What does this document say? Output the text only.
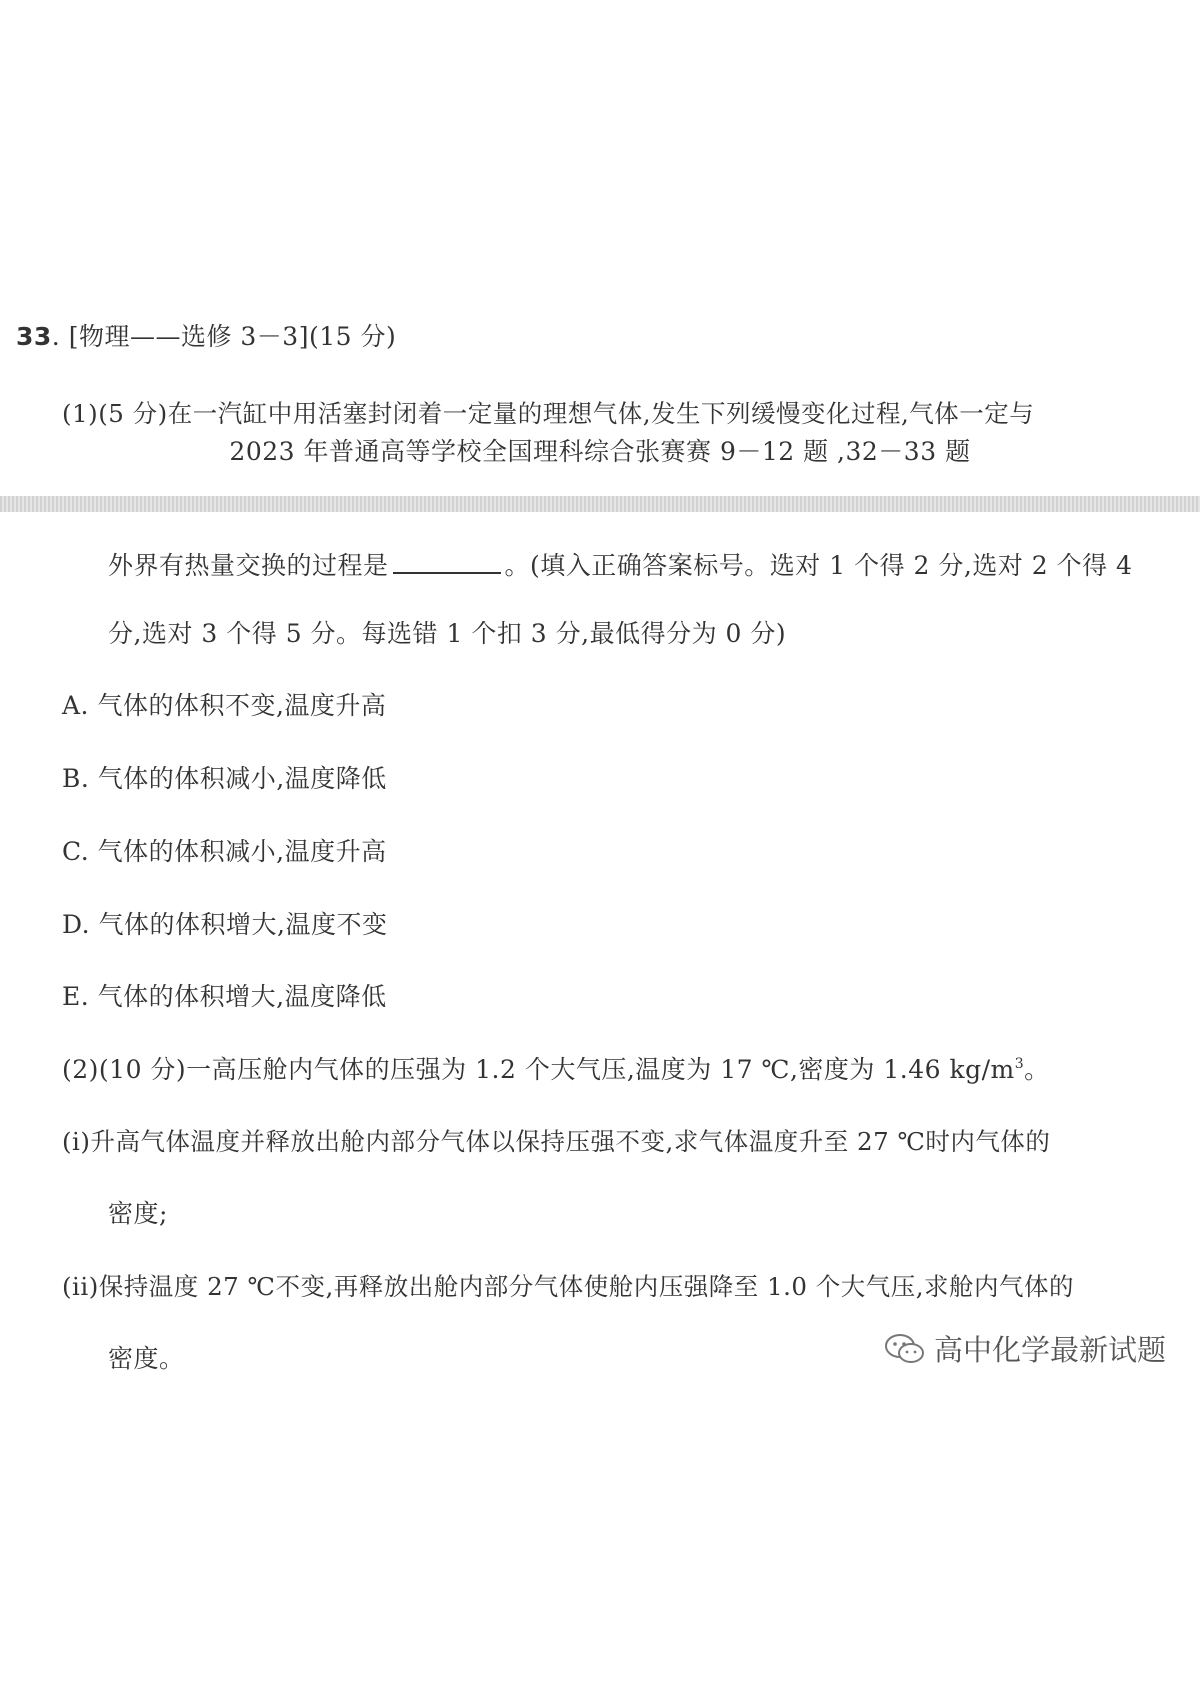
33. [物理——选修 3－3](15 分)
(1)(5 分)在一汽缸中用活塞封闭着一定量的理想气体,发生下列缓慢变化过程,气体一定与
2023 年普通高等学校全国理科综合张赛赛 9－12 题 ,32－33 题
外界有热量交换的过程是	。(填入正确答案标号。选对 1 个得 2 分,选对 2 个得 4
分,选对 3 个得 5 分。每选错 1 个扣 3 分,最低得分为 0 分)
A. 气体的体积不变,温度升高
B. 气体的体积减小,温度降低
C. 气体的体积减小,温度升高
D. 气体的体积增大,温度不变
E. 气体的体积增大,温度降低
(2)(10 分)一高压舱内气体的压强为 1.2 个大气压,温度为 17 ℃,密度为 1.46 $kg/m^3$。
(i)升高气体温度并释放出舱内部分气体以保持压强不变,求气体温度升至 27 ℃时内气体的
密度;
(ii)保持温度 27 ℃不变,再释放出舱内部分气体使舱内压强降至 1.0 个大气压,求舱内气体的
密度。	高中化学最新试题
